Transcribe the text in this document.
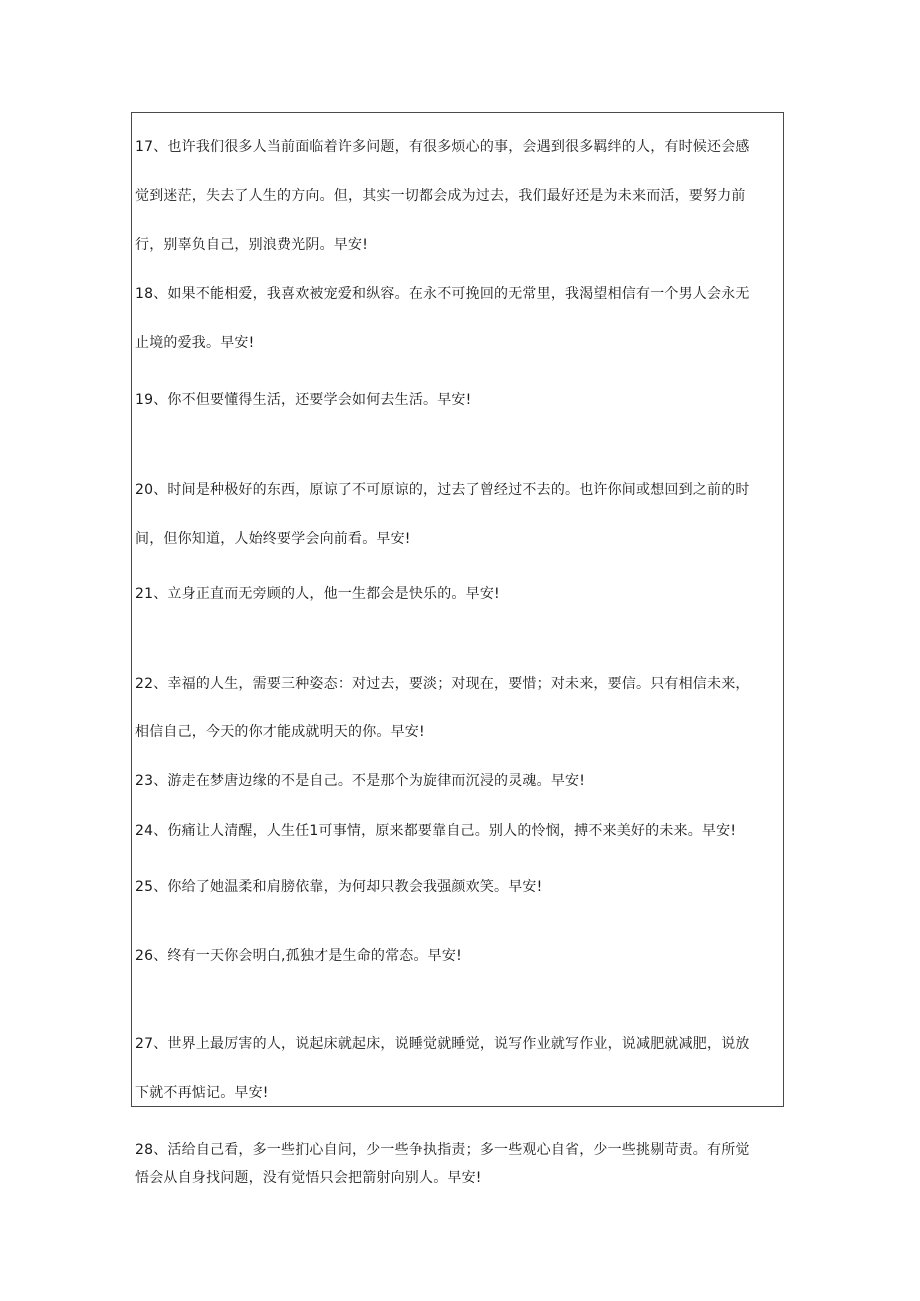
17、也许我们很多人当前面临着许多问题，有很多烦心的事，会遇到很多羁绊的人，有时候还会感
觉到迷茫，失去了人生的方向。但，其实一切都会成为过去，我们最好还是为未来而活，要努力前
行，别辜负自己，别浪费光阴。早安!
18、如果不能相爱，我喜欢被宠爱和纵容。在永不可挽回的无常里，我渴望相信有一个男人会永无
止境的爱我。早安!
19、你不但要懂得生活，还要学会如何去生活。早安!
20、时间是种极好的东西，原谅了不可原谅的，过去了曾经过不去的。也许你间或想回到之前的时
间，但你知道，人始终要学会向前看。早安!
21、立身正直而无旁顾的人，他一生都会是快乐的。早安!
22、幸福的人生，需要三种姿态：对过去，要淡；对现在，要惜；对未来，要信。只有相信未来，
相信自己，今天的你才能成就明天的你。早安!
23、游走在梦唐边缘的不是自己。不是那个为旋律而沉浸的灵魂。早安!
24、伤痛让人清醒，人生任1可事情，原来都要靠自己。别人的怜悯，搏不来美好的未来。早安!
25、你给了她温柔和肩膀依靠，为何却只教会我强颜欢笑。早安!
26、终有一天你会明白,孤独才是生命的常态。早安!
27、世界上最厉害的人，说起床就起床，说睡觉就睡觉，说写作业就写作业，说减肥就减肥，说放
下就不再惦记。早安!
28、活给自己看，多一些扪心自问，少一些争执指责；多一些观心自省，少一些挑剔苛责。有所觉
悟会从自身找问题，没有觉悟只会把箭射向别人。早安!
